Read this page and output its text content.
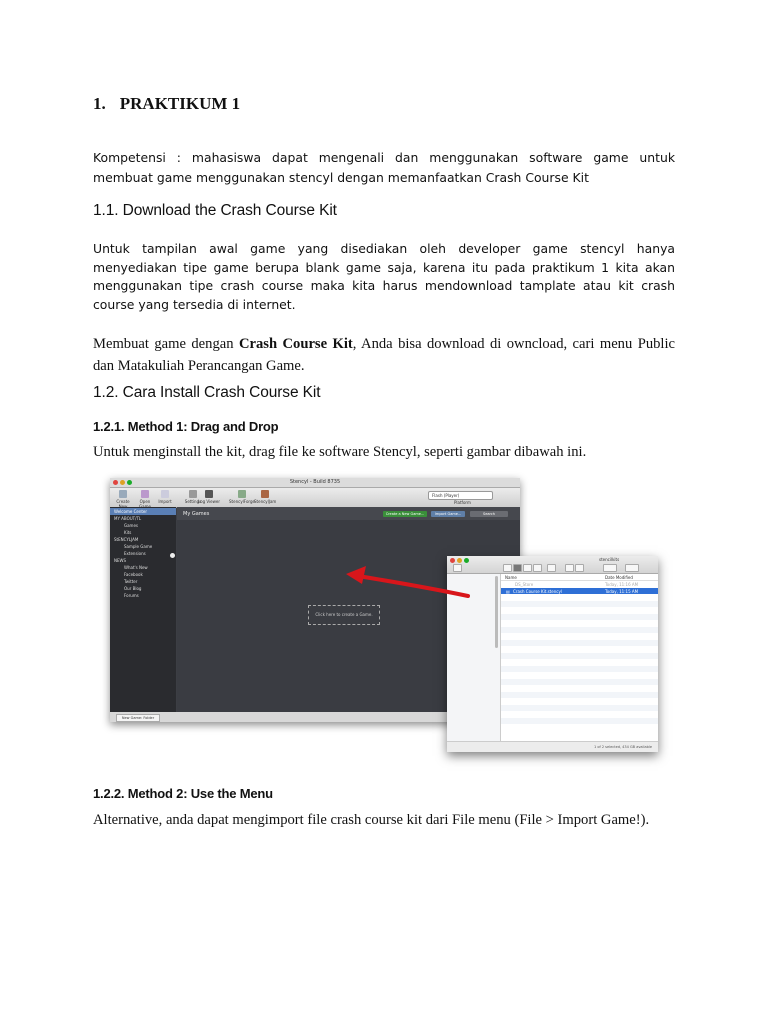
1. PRAKTIKUM 1
Kompetensi : mahasiswa dapat mengenali dan menggunakan software game untuk membuat game menggunakan stencyl dengan memanfaatkan Crash Course Kit
1.1. Download the Crash Course Kit
Untuk tampilan awal game yang disediakan oleh developer game stencyl hanya menyediakan tipe game berupa blank game saja, karena itu pada praktikum 1 kita akan menggunakan tipe crash course maka kita harus mendownload tamplate atau kit crash course yang tersedia di internet.
Membuat game dengan Crash Course Kit, Anda bisa download di owncload, cari menu Public dan Matakuliah Perancangan Game.
1.2. Cara Install Crash Course Kit
1.2.1. Method 1: Drag and Drop
Untuk menginstall the kit, drag file ke software Stencyl, seperti gambar dibawah ini.
Stencyl - Build 8735
Create	Open	Import	Settings
Log Viewer StencylForge StencylJam
Flash (Player)
Platform
Welcome Center
MY ABOUT/TL
Games
Kits
StENCYLJAM
Sample Game
Extensions
NEWS
What's New
Facebook
Twitter
Our Blog
Forums
My Games	Create a New Game...	Import Game...	Search
Click here to create a Game.
New Game: Folder
stencilkits
Name	Date Modified
DS_Store	Today, 11:16 AM
▤ Crash Course Kit.stencyl	Today, 11:15 AM
1 of 2 selected, 434 GB available
1.2.2. Method 2: Use the Menu
Alternative, anda dapat mengimport file crash course kit dari File menu (File > Import Game!).
